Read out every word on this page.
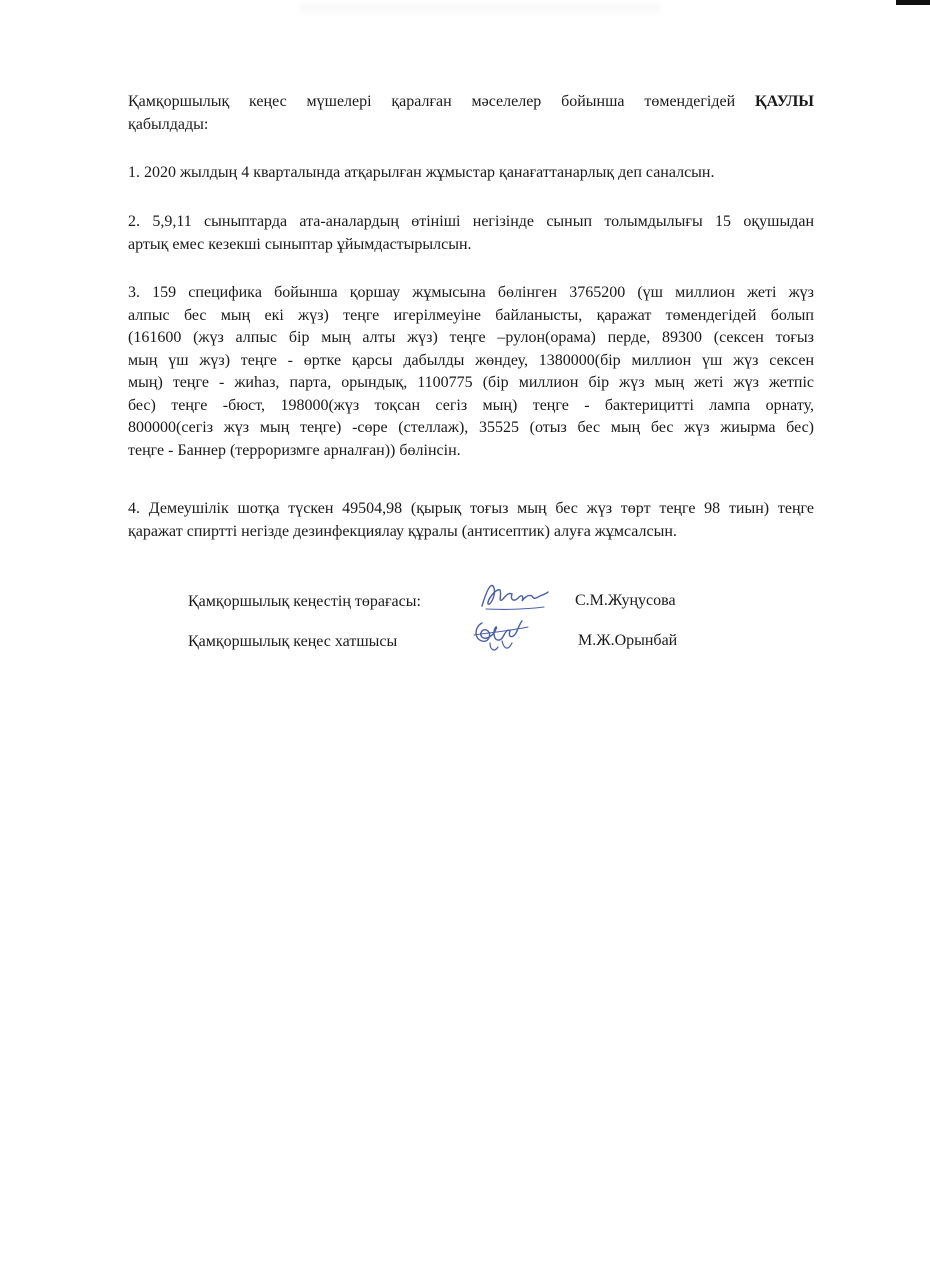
Қамқоршылық кеңес мүшелері қаралған мәселелер бойынша төмендегідей ҚАУЛЫ
қабылдады:
1. 2020 жылдың 4 кварталында атқарылған жұмыстар қанағаттанарлық деп саналсын.
2. 5,9,11 сыныптарда ата-аналардың өтініші негізінде сынып толымдылығы 15 оқушыдан
артық емес кезекші сыныптар ұйымдастырылсын.
3. 159 спецификa бойынша қоршау жұмысына бөлінген 3765200 (үш миллион жеті жүз
алпыс бес мың екі жүз) теңге игерілмеуіне байланысты, қаражат төмендегідей болып
(161600 (жүз алпыс бір мың алты жүз) теңге –рулон(орама) перде, 89300 (сексен тоғыз
мың үш жүз) теңге - өртке қарсы дабылды жөндеу, 1380000(бір миллион үш жүз сексен
мың) теңге - жиһаз, парта, орындық, 1100775 (бір миллион бір жүз мың жеті жүз жетпіс
бес) теңге -бюст, 198000(жүз тоқсан сегіз мың) теңге - бактерицитті лампа орнату,
800000(сегіз жүз мың теңге) -сөре (стеллаж), 35525 (отыз бес мың бес жүз жиырма бес)
теңге - Баннер (терроризмге арналған)) бөлінсін.
4. Демеушілік шотқа түскен 49504,98 (қырық тоғыз мың бес жүз төрт теңге 98 тиын) теңге
қаражат спиртті негізде дезинфекциялау құралы (антисептик) алуға жұмсалсын.
Қамқоршылық кеңестің төрағасы:	С.М.Жуңусова
Қамқоршылық кеңес хатшысы	М.Ж.Орынбай
